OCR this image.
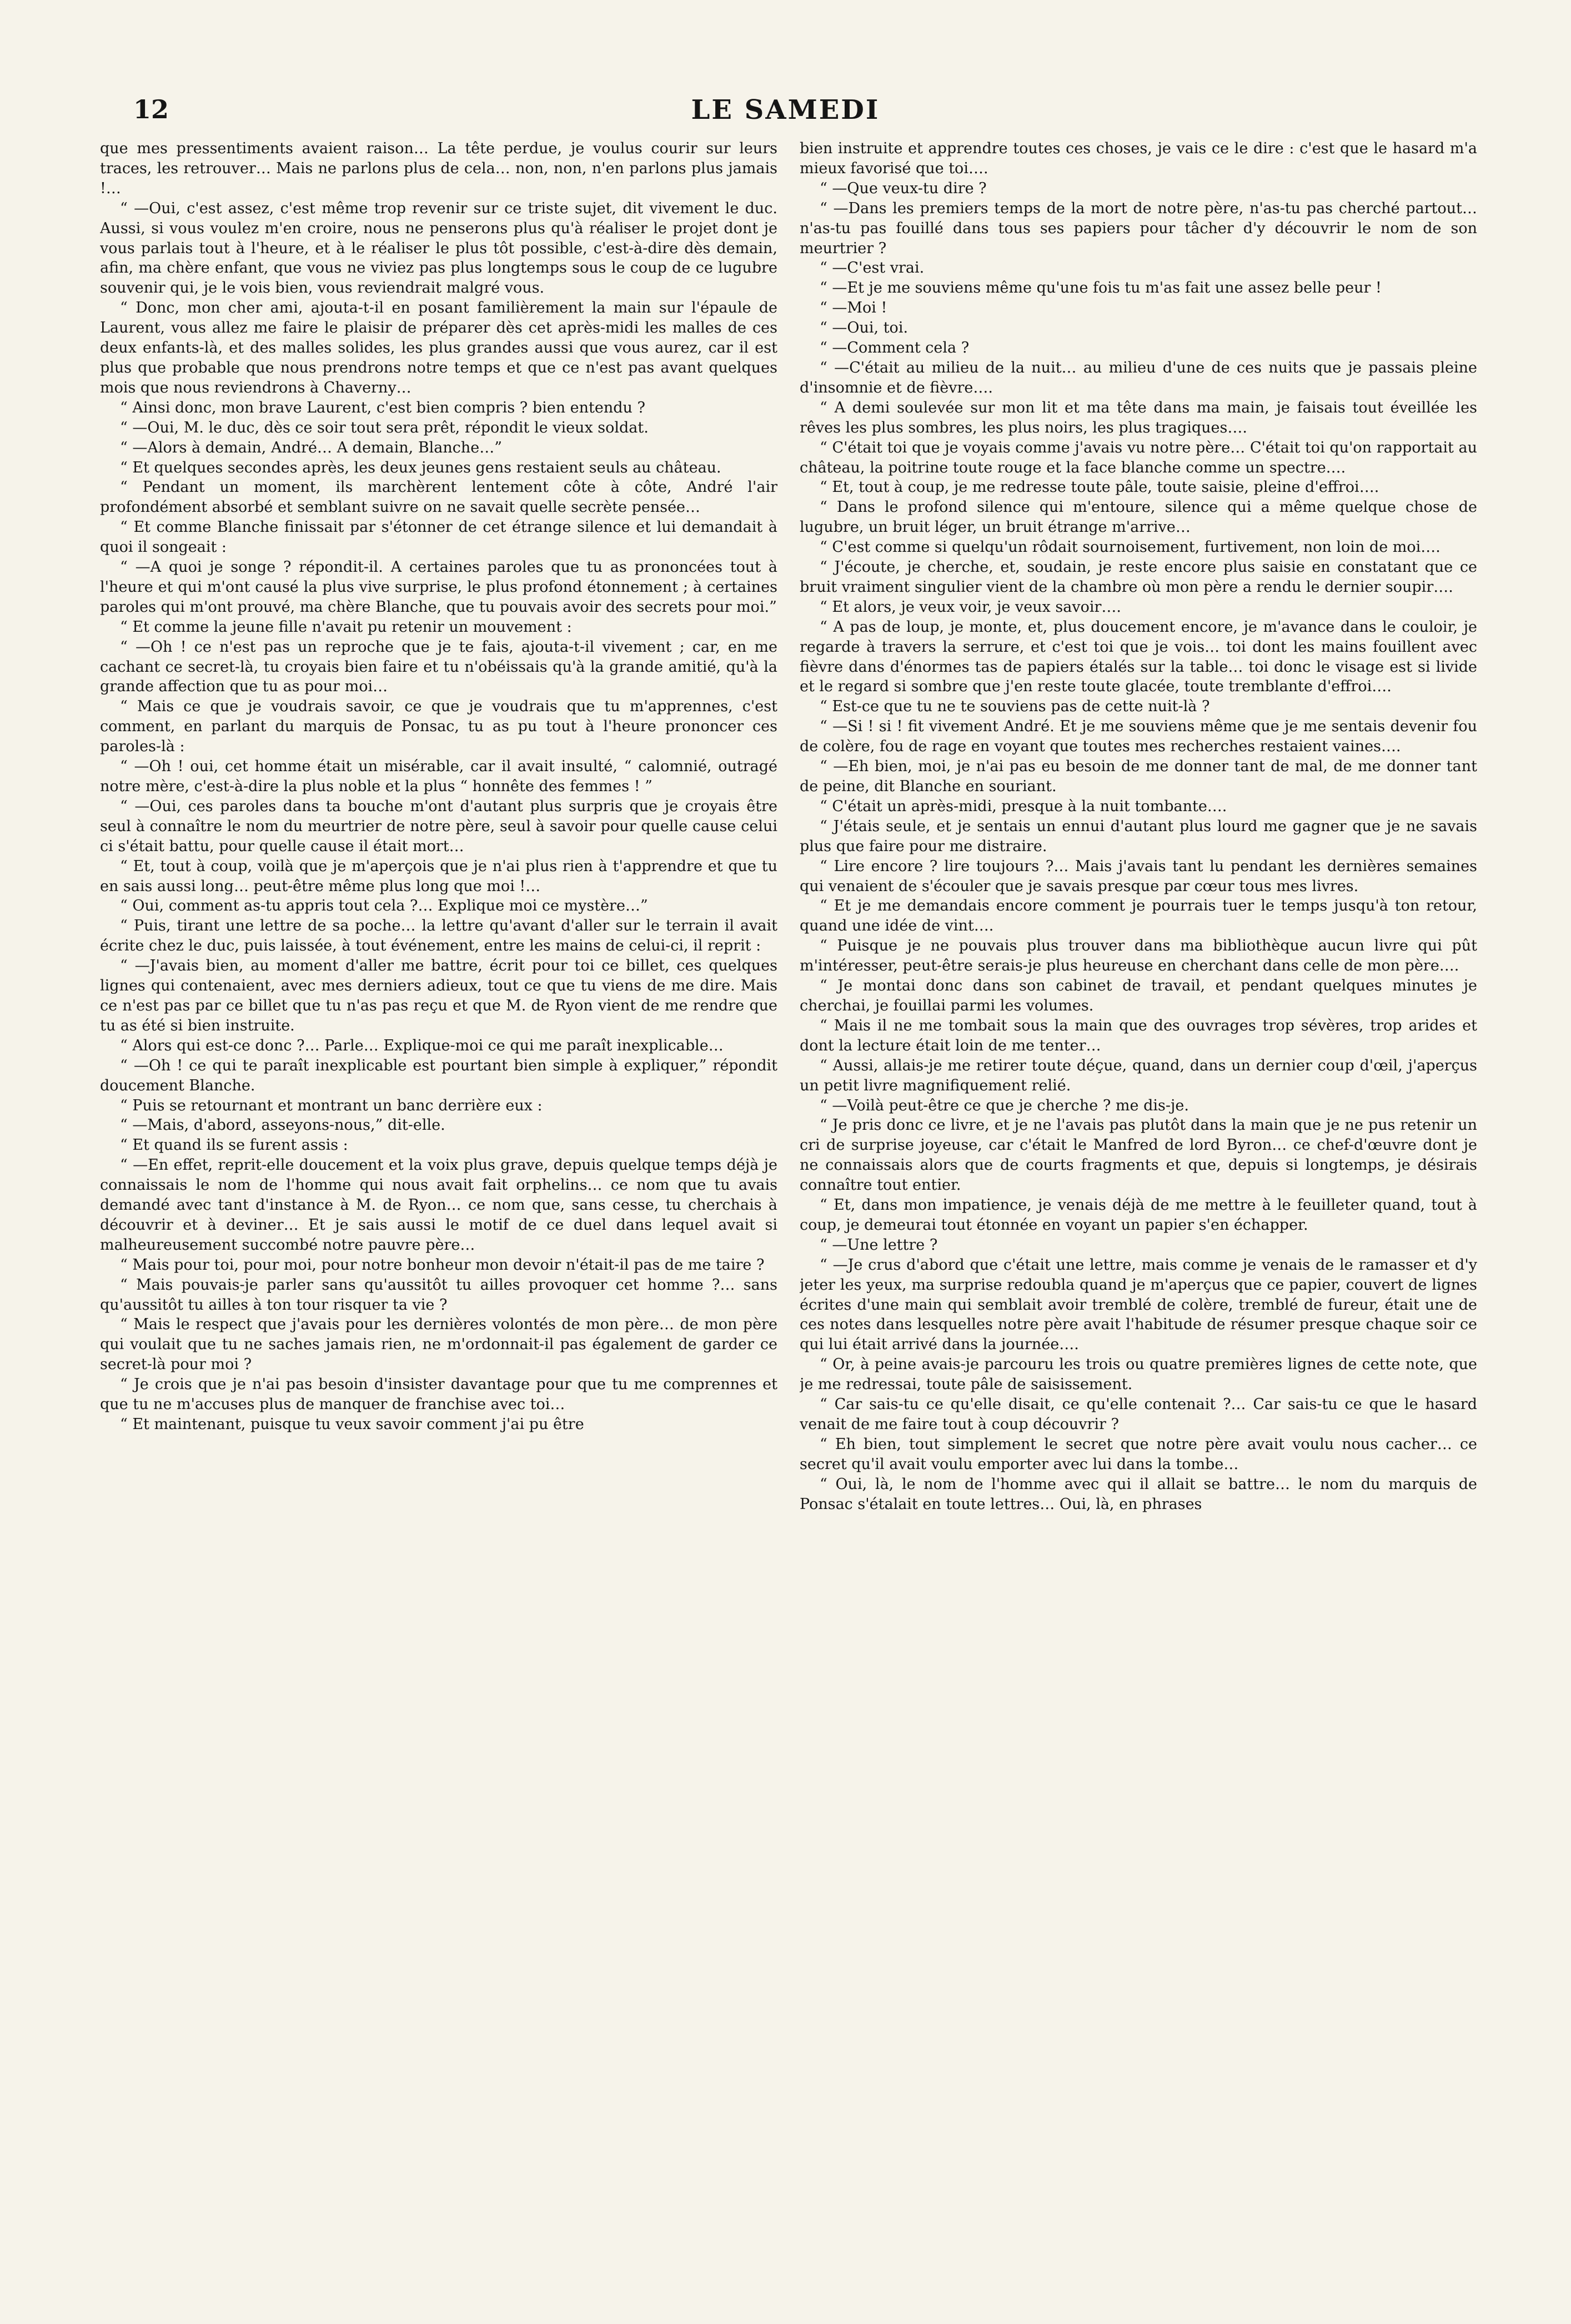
12	LE SAMEDI

que mes pressentiments avaient raison… La tête perdue, je voulus courir sur leurs traces, les retrouver… Mais ne parlons plus de cela… non, non, n'en parlons plus jamais !…

“ —Oui, c'est assez, c'est même trop revenir sur ce triste sujet, dit vivement le duc. Aussi, si vous voulez m'en croire, nous ne penserons plus qu'à réaliser le projet dont je vous parlais tout à l'heure, et à le réaliser le plus tôt possible, c'est-à-dire dès demain, afin, ma chère enfant, que vous ne viviez pas plus longtemps sous le coup de ce lugubre souvenir qui, je le vois bien, vous reviendrait malgré vous.

“ Donc, mon cher ami, ajouta-t-il en posant familièrement la main sur l'épaule de Laurent, vous allez me faire le plaisir de préparer dès cet après-midi les malles de ces deux enfants-là, et des malles solides, les plus grandes aussi que vous aurez, car il est plus que probable que nous prendrons notre temps et que ce n'est pas avant quelques mois que nous reviendrons à Chaverny…

“ Ainsi donc, mon brave Laurent, c'est bien compris ? bien entendu ?

“ —Oui, M. le duc, dès ce soir tout sera prêt, répondit le vieux soldat.

“ —Alors à demain, André… A demain, Blanche…”

“ Et quelques secondes après, les deux jeunes gens restaient seuls au château.

“ Pendant un moment, ils marchèrent lentement côte à côte, André l'air profondément absorbé et semblant suivre on ne savait quelle secrète pensée…

“ Et comme Blanche finissait par s'étonner de cet étrange silence et lui demandait à quoi il songeait :

“ —A quoi je songe ? répondit-il. A certaines paroles que tu as prononcées tout à l'heure et qui m'ont causé la plus vive surprise, le plus profond étonnement ; à certaines paroles qui m'ont prouvé, ma chère Blanche, que tu pouvais avoir des secrets pour moi.”

“ Et comme la jeune fille n'avait pu retenir un mouvement :

“ —Oh ! ce n'est pas un reproche que je te fais, ajouta-t-il vivement ; car, en me cachant ce secret-là, tu croyais bien faire et tu n'obéissais qu'à la grande amitié, qu'à la grande affection que tu as pour moi…

“ Mais ce que je voudrais savoir, ce que je voudrais que tu m'apprennes, c'est comment, en parlant du marquis de Ponsac, tu as pu tout à l'heure prononcer ces paroles-là :

“ —Oh ! oui, cet homme était un misérable, car il avait insulté, “ calomnié, outragé notre mère, c'est-à-dire la plus noble et la plus “ honnête des femmes ! ”

“ —Oui, ces paroles dans ta bouche m'ont d'autant plus surpris que je croyais être seul à connaître le nom du meurtrier de notre père, seul à savoir pour quelle cause celui ci s'était battu, pour quelle cause il était mort…

“ Et, tout à coup, voilà que je m'aperçois que je n'ai plus rien à t'apprendre et que tu en sais aussi long… peut-être même plus long que moi !…

“ Oui, comment as-tu appris tout cela ?… Explique moi ce mystère…”

“ Puis, tirant une lettre de sa poche… la lettre qu'avant d'aller sur le terrain il avait écrite chez le duc, puis laissée, à tout événement, entre les mains de celui-ci, il reprit :

“ —J'avais bien, au moment d'aller me battre, écrit pour toi ce billet, ces quelques lignes qui contenaient, avec mes derniers adieux, tout ce que tu viens de me dire. Mais ce n'est pas par ce billet que tu n'as pas reçu et que M. de Ryon vient de me rendre que tu as été si bien instruite.

“ Alors qui est-ce donc ?… Parle… Explique-moi ce qui me paraît inexplicable…

“ —Oh ! ce qui te paraît inexplicable est pourtant bien simple à expliquer,” répondit doucement Blanche.

“ Puis se retournant et montrant un banc derrière eux :

“ —Mais, d'abord, asseyons-nous,” dit-elle.

“ Et quand ils se furent assis :

“ —En effet, reprit-elle doucement et la voix plus grave, depuis quelque temps déjà je connaissais le nom de l'homme qui nous avait fait orphelins… ce nom que tu avais demandé avec tant d'instance à M. de Ryon… ce nom que, sans cesse, tu cherchais à découvrir et à deviner… Et je sais aussi le motif de ce duel dans lequel avait si malheureusement succombé notre pauvre père…

“ Mais pour toi, pour moi, pour notre bonheur mon devoir n'était-il pas de me taire ?

“ Mais pouvais-je parler sans qu'aussitôt tu ailles provoquer cet homme ?… sans qu'aussitôt tu ailles à ton tour risquer ta vie ?

“ Mais le respect que j'avais pour les dernières volontés de mon père… de mon père qui voulait que tu ne saches jamais rien, ne m'ordonnait-il pas également de garder ce secret-là pour moi ?

“ Je crois que je n'ai pas besoin d'insister davantage pour que tu me comprennes et que tu ne m'accuses plus de manquer de franchise avec toi…

“ Et maintenant, puisque tu veux savoir comment j'ai pu être

bien instruite et apprendre toutes ces choses, je vais ce le dire : c'est que le hasard m'a mieux favorisé que toi….

“ —Que veux-tu dire ?

“ —Dans les premiers temps de la mort de notre père, n'as-tu pas cherché partout… n'as-tu pas fouillé dans tous ses papiers pour tâcher d'y découvrir le nom de son meurtrier ?

“ —C'est vrai.

“ —Et je me souviens même qu'une fois tu m'as fait une assez belle peur !

“ —Moi !

“ —Oui, toi.

“ —Comment cela ?

“ —C'était au milieu de la nuit… au milieu d'une de ces nuits que je passais pleine d'insomnie et de fièvre….

“ A demi soulevée sur mon lit et ma tête dans ma main, je faisais tout éveillée les rêves les plus sombres, les plus noirs, les plus tragiques….

“ C'était toi que je voyais comme j'avais vu notre père… C'était toi qu'on rapportait au château, la poitrine toute rouge et la face blanche comme un spectre….

“ Et, tout à coup, je me redresse toute pâle, toute saisie, pleine d'effroi….

“ Dans le profond silence qui m'entoure, silence qui a même quelque chose de lugubre, un bruit léger, un bruit étrange m'arrive…

“ C'est comme si quelqu'un rôdait sournoisement, furtivement, non loin de moi….

“ J'écoute, je cherche, et, soudain, je reste encore plus saisie en constatant que ce bruit vraiment singulier vient de la chambre où mon père a rendu le dernier soupir….

“ Et alors, je veux voir, je veux savoir….

“ A pas de loup, je monte, et, plus doucement encore, je m'avance dans le couloir, je regarde à travers la serrure, et c'est toi que je vois… toi dont les mains fouillent avec fièvre dans d'énormes tas de papiers étalés sur la table… toi donc le visage est si livide et le regard si sombre que j'en reste toute glacée, toute tremblante d'effroi….

“ Est-ce que tu ne te souviens pas de cette nuit-là ?

“ —Si ! si ! fit vivement André. Et je me souviens même que je me sentais devenir fou de colère, fou de rage en voyant que toutes mes recherches restaient vaines….

“ —Eh bien, moi, je n'ai pas eu besoin de me donner tant de mal, de me donner tant de peine, dit Blanche en souriant.

“ C'était un après-midi, presque à la nuit tombante….

“ J'étais seule, et je sentais un ennui d'autant plus lourd me gagner que je ne savais plus que faire pour me distraire.

“ Lire encore ? lire toujours ?… Mais j'avais tant lu pendant les dernières semaines qui venaient de s'écouler que je savais presque par cœur tous mes livres.

“ Et je me demandais encore comment je pourrais tuer le temps jusqu'à ton retour, quand une idée de vint….

“ Puisque je ne pouvais plus trouver dans ma bibliothèque aucun livre qui pût m'intéresser, peut-être serais-je plus heureuse en cherchant dans celle de mon père….

“ Je montai donc dans son cabinet de travail, et pendant quelques minutes je cherchai, je fouillai parmi les volumes.

“ Mais il ne me tombait sous la main que des ouvrages trop sévères, trop arides et dont la lecture était loin de me tenter…

“ Aussi, allais-je me retirer toute déçue, quand, dans un dernier coup d'œil, j'aperçus un petit livre magnifiquement relié.

“ —Voilà peut-être ce que je cherche ? me dis-je.

“ Je pris donc ce livre, et je ne l'avais pas plutôt dans la main que je ne pus retenir un cri de surprise joyeuse, car c'était le Manfred de lord Byron… ce chef-d'œuvre dont je ne connaissais alors que de courts fragments et que, depuis si longtemps, je désirais connaître tout entier.

“ Et, dans mon impatience, je venais déjà de me mettre à le feuilleter quand, tout à coup, je demeurai tout étonnée en voyant un papier s'en échapper.

“ —Une lettre ?

“ —Je crus d'abord que c'était une lettre, mais comme je venais de le ramasser et d'y jeter les yeux, ma surprise redoubla quand je m'aperçus que ce papier, couvert de lignes écrites d'une main qui semblait avoir tremblé de colère, tremblé de fureur, était une de ces notes dans lesquelles notre père avait l'habitude de résumer presque chaque soir ce qui lui était arrivé dans la journée….

“ Or, à peine avais-je parcouru les trois ou quatre premières lignes de cette note, que je me redressai, toute pâle de saisissement.

“ Car sais-tu ce qu'elle disait, ce qu'elle contenait ?… Car sais-tu ce que le hasard venait de me faire tout à coup découvrir ?

“ Eh bien, tout simplement le secret que notre père avait voulu nous cacher… ce secret qu'il avait voulu emporter avec lui dans la tombe…

“ Oui, là, le nom de l'homme avec qui il allait se battre… le nom du marquis de Ponsac s'étalait en toute lettres… Oui, là, en phrases
